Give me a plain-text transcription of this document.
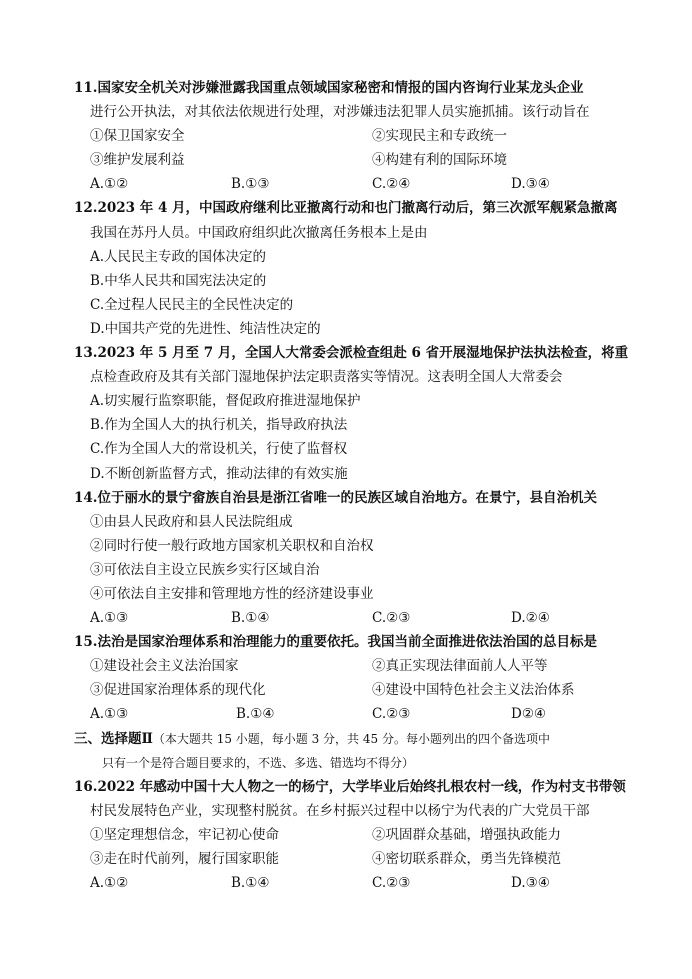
11.国家安全机关对涉嫌泄露我国重点领域国家秘密和情报的国内咨询行业某龙头企业
进行公开执法，对其依法依规进行处理，对涉嫌违法犯罪人员实施抓捕。该行动旨在
①保卫国家安全	②实现民主和专政统一
③维护发展利益	④构建有利的国际环境
A.①②	B.①③	C.②④	D.③④
12.2023 年 4 月，中国政府继利比亚撤离行动和也门撤离行动后，第三次派军舰紧急撤离
我国在苏丹人员。中国政府组织此次撤离任务根本上是由
A.人民民主专政的国体决定的
B.中华人民共和国宪法决定的
C.全过程人民民主的全民性决定的
D.中国共产党的先进性、纯洁性决定的
13.2023 年 5 月至 7 月，全国人大常委会派检查组赴 6 省开展湿地保护法执法检查，将重
点检查政府及其有关部门湿地保护法定职责落实等情况。这表明全国人大常委会
A.切实履行监察职能，督促政府推进湿地保护
B.作为全国人大的执行机关，指导政府执法
C.作为全国人大的常设机关，行使了监督权
D.不断创新监督方式，推动法律的有效实施
14.位于丽水的景宁畲族自治县是浙江省唯一的民族区域自治地方。在景宁，县自治机关
①由县人民政府和县人民法院组成
②同时行使一般行政地方国家机关职权和自治权
③可依法自主设立民族乡实行区域自治
④可依法自主安排和管理地方性的经济建设事业
A.①③	B.①④	C.②③	D.②④
15.法治是国家治理体系和治理能力的重要依托。我国当前全面推进依法治国的总目标是
①建设社会主义法治国家	②真正实现法律面前人人平等
③促进国家治理体系的现代化	④建设中国特色社会主义法治体系
A.①③	B.①④	C.②③	D②④
三、选择题Ⅱ（本大题共 15 小题，每小题 3 分，共 45 分。每小题列出的四个备选项中
只有一个是符合题目要求的，不选、多选、错选均不得分）
16.2022 年感动中国十大人物之一的杨宁，大学毕业后始终扎根农村一线，作为村支书带领
村民发展特色产业，实现整村脱贫。在乡村振兴过程中以杨宁为代表的广大党员干部
①坚定理想信念，牢记初心使命	②巩固群众基础，增强执政能力
③走在时代前列，履行国家职能	④密切联系群众，勇当先锋模范
A.①②	B.①④	C.②③	D.③④
